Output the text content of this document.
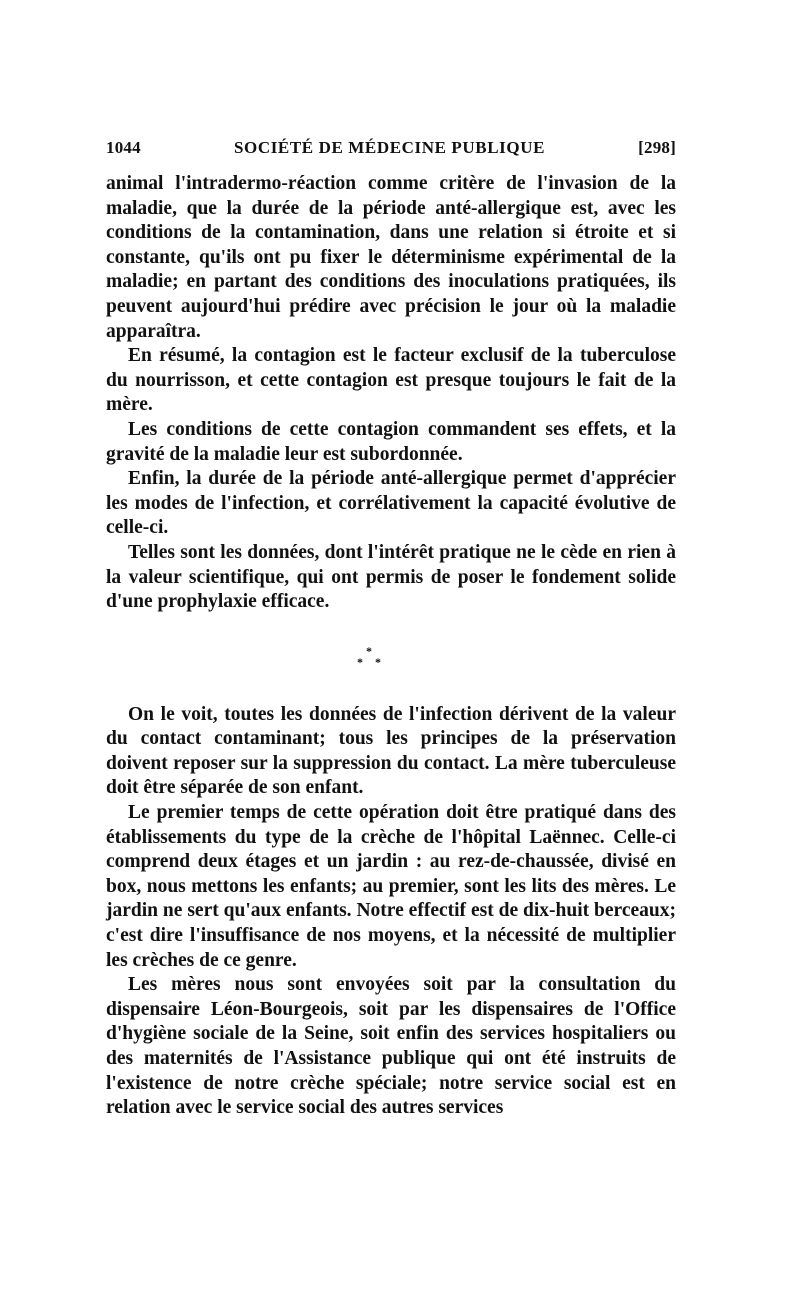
1044	SOCIÉTÉ DE MÉDECINE PUBLIQUE	[298]

animal l'intradermo-réaction comme critère de l'invasion de la maladie, que la durée de la période anté-allergique est, avec les conditions de la contamination, dans une relation si étroite et si constante, qu'ils ont pu fixer le déterminisme expérimental de la maladie; en partant des conditions des inoculations pratiquées, ils peuvent aujourd'hui prédire avec précision le jour où la maladie apparaîtra.

En résumé, la contagion est le facteur exclusif de la tuberculose du nourrisson, et cette contagion est presque toujours le fait de la mère.

Les conditions de cette contagion commandent ses effets, et la gravité de la maladie leur est subordonnée.

Enfin, la durée de la période anté-allergique permet d'apprécier les modes de l'infection, et corrélativement la capacité évolutive de celle-ci.

Telles sont les données, dont l'intérêt pratique ne le cède en rien à la valeur scientifique, qui ont permis de poser le fondement solide d'une prophylaxie efficace.

*
* *

On le voit, toutes les données de l'infection dérivent de la valeur du contact contaminant; tous les principes de la préservation doivent reposer sur la suppression du contact. La mère tuberculeuse doit être séparée de son enfant.

Le premier temps de cette opération doit être pratiqué dans des établissements du type de la crèche de l'hôpital Laënnec. Celle-ci comprend deux étages et un jardin : au rez-de-chaussée, divisé en box, nous mettons les enfants; au premier, sont les lits des mères. Le jardin ne sert qu'aux enfants. Notre effectif est de dix-huit berceaux; c'est dire l'insuffisance de nos moyens, et la nécessité de multiplier les crèches de ce genre.

Les mères nous sont envoyées soit par la consultation du dispensaire Léon-Bourgeois, soit par les dispensaires de l'Office d'hygiène sociale de la Seine, soit enfin des services hospitaliers ou des maternités de l'Assistance publique qui ont été instruits de l'existence de notre crèche spéciale; notre service social est en relation avec le service social des autres services
